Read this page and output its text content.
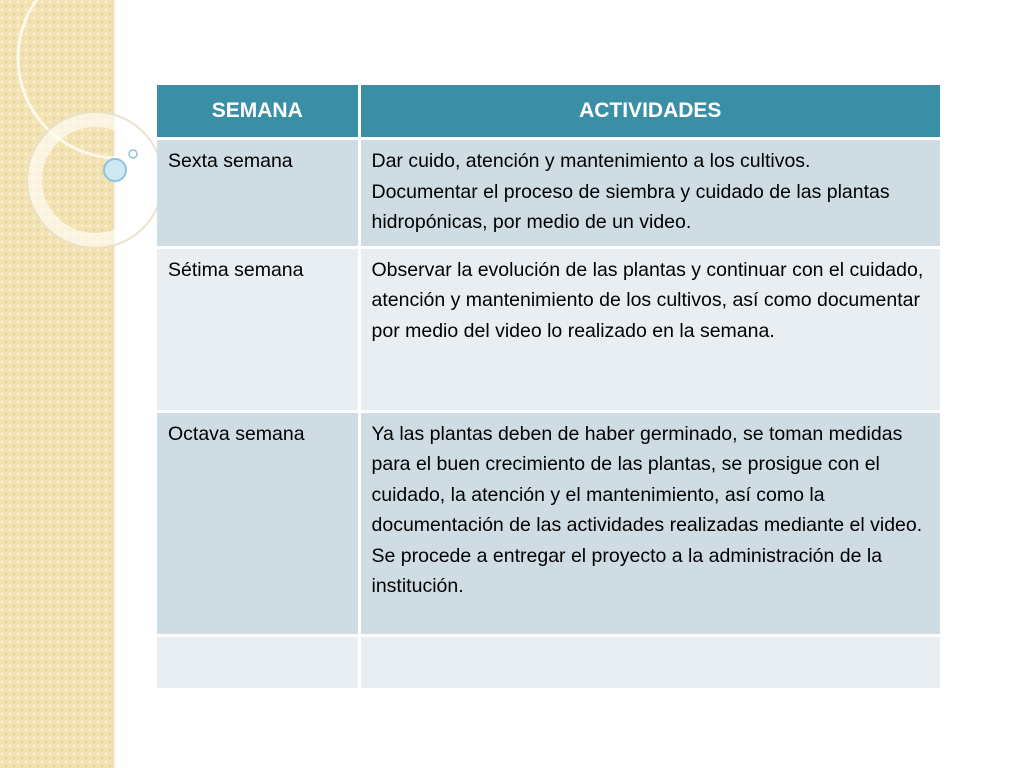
SEMANA	ACTIVIDADES
Sexta semana	Dar cuido, atención y mantenimiento a los cultivos.
Documentar el proceso de siembra y cuidado de las plantas hidropónicas, por medio de un video.

Sétima semana	Observar la evolución de las plantas y continuar con el cuidado, atención y mantenimiento de los cultivos, así como documentar por medio del video lo realizado en la semana.

Octava semana	Ya las plantas deben de haber germinado, se toman medidas para el buen crecimiento de las plantas, se prosigue con el cuidado, la atención y el mantenimiento, así como la documentación de las actividades realizadas mediante el video.
Se procede a entregar el proyecto a la administración de la institución.
